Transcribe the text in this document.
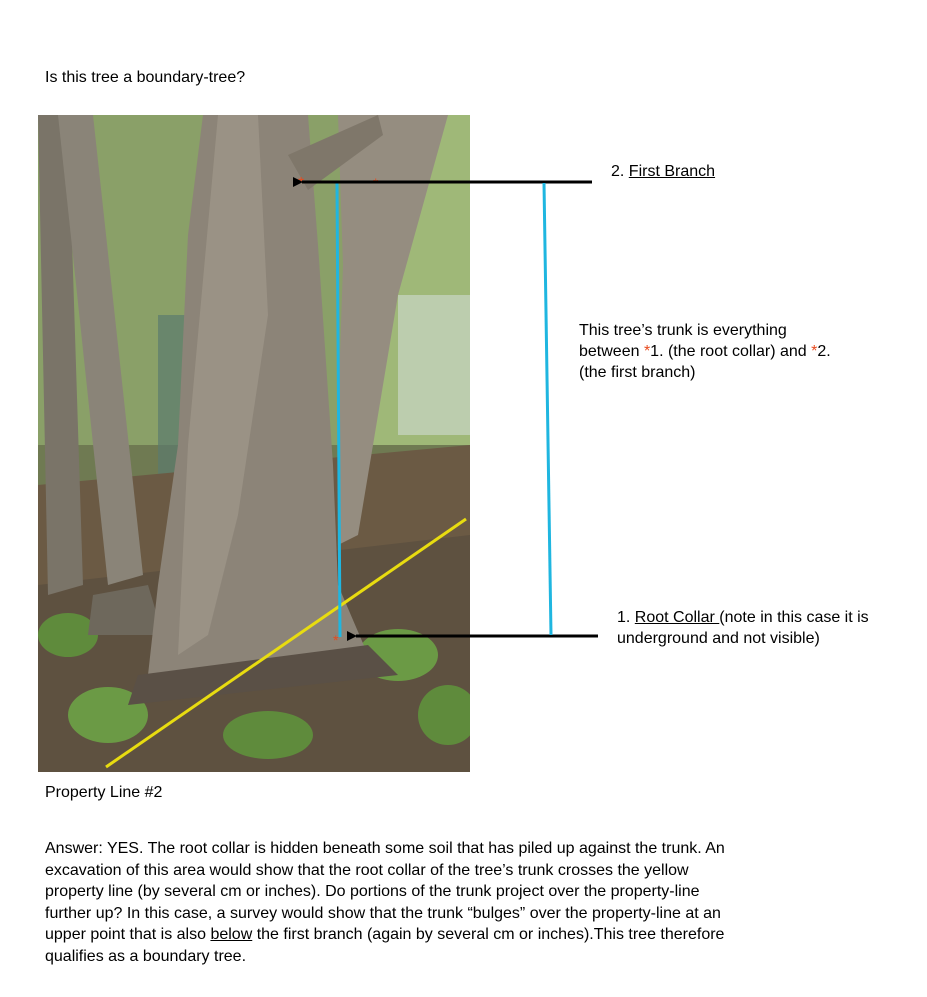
Is this tree a boundary-tree?
*	*
*
2. First Branch
This tree’s trunk is everything
between *1. (the root collar) and *2.
(the first branch)
1. Root Collar (note in this case it is underground and not visible)
Property Line #2
Answer: YES. The root collar is hidden beneath some soil that has piled up against the trunk. An excavation of this area would show that the root collar of the tree’s trunk crosses the yellow property line (by several cm or inches). Do portions of the trunk project over the property-line further up? In this case, a survey would show that the trunk “bulges” over the property-line at an upper point that is also below the first branch (again by several cm or inches).This tree therefore qualifies as a boundary tree.
